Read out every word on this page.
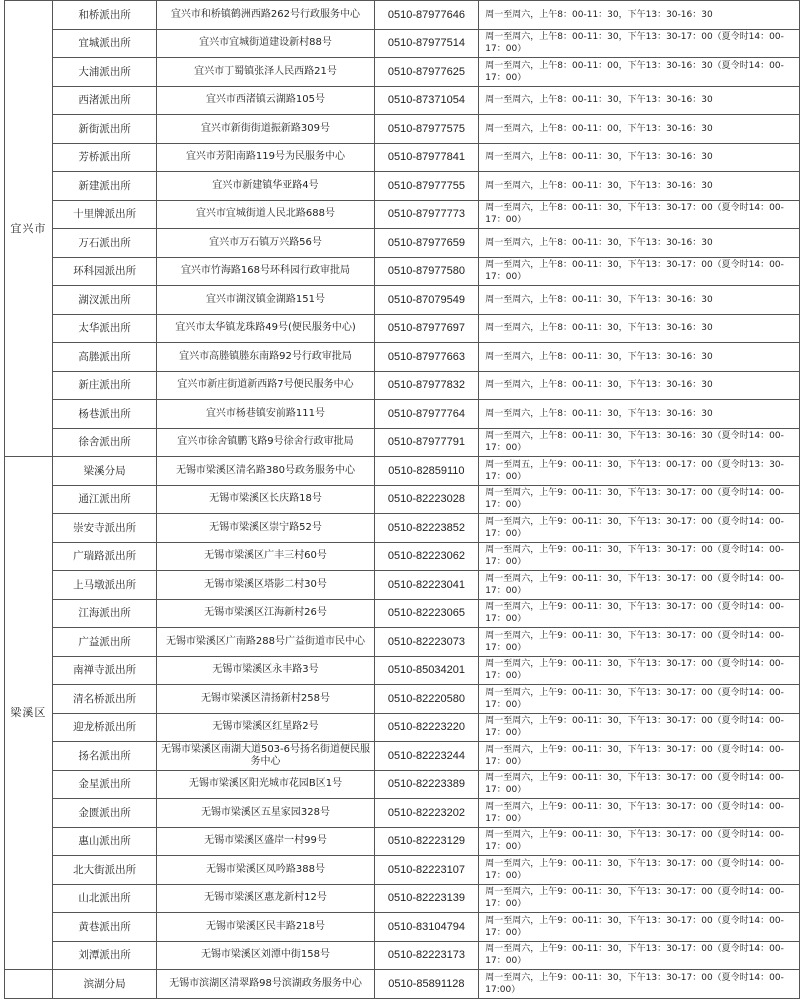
宜兴市	和桥派出所	宜兴市和桥镇鹤洲西路262号行政服务中心	0510-87977646	周一至周六，上午8：00-11：30，下午13：30-16：30
	宜城派出所	宜兴市宜城街道建设新村88号	0510-87977514	周一至周六，上午8：00-11：30，下午13：30-17：00（夏令时14：00-17：00）
	大浦派出所	宜兴市丁蜀镇张泽人民西路21号	0510-87977625	周一至周六，上午8：00-11：00，下午13：30-16：30（夏令时14：00-17：00）
	西渚派出所	宜兴市西渚镇云湖路105号	0510-87371054	周一至周六，上午8：00-11：30，下午13：30-16：30
	新街派出所	宜兴市新街街道振新路309号	0510-87977575	周一至周六，上午8：00-11：00，下午13：30-16：30
	芳桥派出所	宜兴市芳阳南路119号为民服务中心	0510-87977841	周一至周六，上午8：00-11：30，下午13：30-16：30
	新建派出所	宜兴市新建镇华亚路4号	0510-87977755	周一至周六，上午8：00-11：30，下午13：30-16：30
	十里牌派出所	宜兴市宜城街道人民北路688号	0510-87977773	周一至周六，上午8：00-11：30，下午13：30-17：00（夏令时14：00-17：00）
	万石派出所	宜兴市万石镇万兴路56号	0510-87977659	周一至周六，上午8：00-11：30，下午13：30-16：30
	环科园派出所	宜兴市竹海路168号环科园行政审批局	0510-87977580	周一至周六，上午8：00-11：30，下午13：30-17：00（夏令时14：00-17：00）
	湖汊派出所	宜兴市湖汊镇金湖路151号	0510-87079549	周一至周六，上午8：00-11：30，下午13：30-16：30
	太华派出所	宜兴市太华镇龙珠路49号(便民服务中心)	0510-87977697	周一至周六，上午8：00-11：30，下午13：30-16：30
	高塍派出所	宜兴市高塍镇塍东南路92号行政审批局	0510-87977663	周一至周六，上午8：00-11：30，下午13：30-16：30
	新庄派出所	宜兴市新庄街道新西路7号便民服务中心	0510-87977832	周一至周六，上午8：00-11：30，下午13：30-16：30
	杨巷派出所	宜兴市杨巷镇安前路111号	0510-87977764	周一至周六，上午8：00-11：30，下午13：30-16：30
	徐舍派出所	宜兴市徐舍镇鹏飞路9号徐舍行政审批局	0510-87977791	周一至周六，上午8：00-11：30，下午13：30-16：30（夏令时14：00-17：00）
梁溪区	梁溪分局	无锡市梁溪区清名路380号政务服务中心	0510-82859110	周一至周五，上午9：00-11：30，下午13：00-17：00（夏令时13：30-17：00）
	通江派出所	无锡市梁溪区长庆路18号	0510-82223028	周一至周六，上午9：00-11：30，下午13：30-17：00（夏令时14：00-17：00）
	崇安寺派出所	无锡市梁溪区崇宁路52号	0510-82223852	周一至周六，上午9：00-11：30，下午13：30-17：00（夏令时14：00-17：00）
	广瑞路派出所	无锡市梁溪区广丰三村60号	0510-82223062	周一至周六，上午9：00-11：30，下午13：30-17：00（夏令时14：00-17：00）
	上马墩派出所	无锡市梁溪区塔影二村30号	0510-82223041	周一至周六，上午9：00-11：30，下午13：30-17：00（夏令时14：00-17：00）
	江海派出所	无锡市梁溪区江海新村26号	0510-82223065	周一至周六，上午9：00-11：30，下午13：30-17：00（夏令时14：00-17：00）
	广益派出所	无锡市梁溪区广南路288号广益街道市民中心	0510-82223073	周一至周六，上午9：00-11：30，下午13：30-17：00（夏令时14：00-17：00）
	南禅寺派出所	无锡市梁溪区永丰路3号	0510-85034201	周一至周六，上午9：00-11：30，下午13：30-17：00（夏令时14：00-17：00）
	清名桥派出所	无锡市梁溪区清扬新村258号	0510-82220580	周一至周六，上午9：00-11：30，下午13：30-17：00（夏令时14：00-17：00）
	迎龙桥派出所	无锡市梁溪区红星路2号	0510-82223220	周一至周六，上午9：00-11：30，下午13：30-17：00（夏令时14：00-17：00）
	扬名派出所	无锡市梁溪区南湖大道503-6号扬名街道便民服务中心	0510-82223244	周一至周六，上午9：00-11：30，下午13：30-17：00（夏令时14：00-17：00）
	金星派出所	无锡市梁溪区阳光城市花园B区1号	0510-82223389	周一至周六，上午9：00-11：30，下午13：30-17：00（夏令时14：00-17：00）
	金匮派出所	无锡市梁溪区五星家园328号	0510-82223202	周一至周六，上午9：00-11：30，下午13：30-17：00（夏令时14：00-17：00）
	惠山派出所	无锡市梁溪区盛岸一村99号	0510-82223129	周一至周六，上午9：00-11：30，下午13：30-17：00（夏令时14：00-17：00）
	北大街派出所	无锡市梁溪区凤吟路388号	0510-82223107	周一至周六，上午9：00-11：30，下午13：30-17：00（夏令时14：00-17：00）
	山北派出所	无锡市梁溪区惠龙新村12号	0510-82223139	周一至周六，上午9：00-11：30，下午13：30-17：00（夏令时14：00-17：00）
	黄巷派出所	无锡市梁溪区民丰路218号	0510-83104794	周一至周六，上午9：00-11：30，下午13：30-17：00（夏令时14：00-17：00）
	刘潭派出所	无锡市梁溪区刘潭中街158号	0510-82223173	周一至周六，上午9：00-11：30，下午13：30-17：00（夏令时14：00-17：00）
	滨湖分局	无锡市滨湖区清翠路98号滨湖政务服务中心	0510-85891128	周一至周六，上午9：00-11：30，下午13：30-17：00（夏令时14：00-17:00）
